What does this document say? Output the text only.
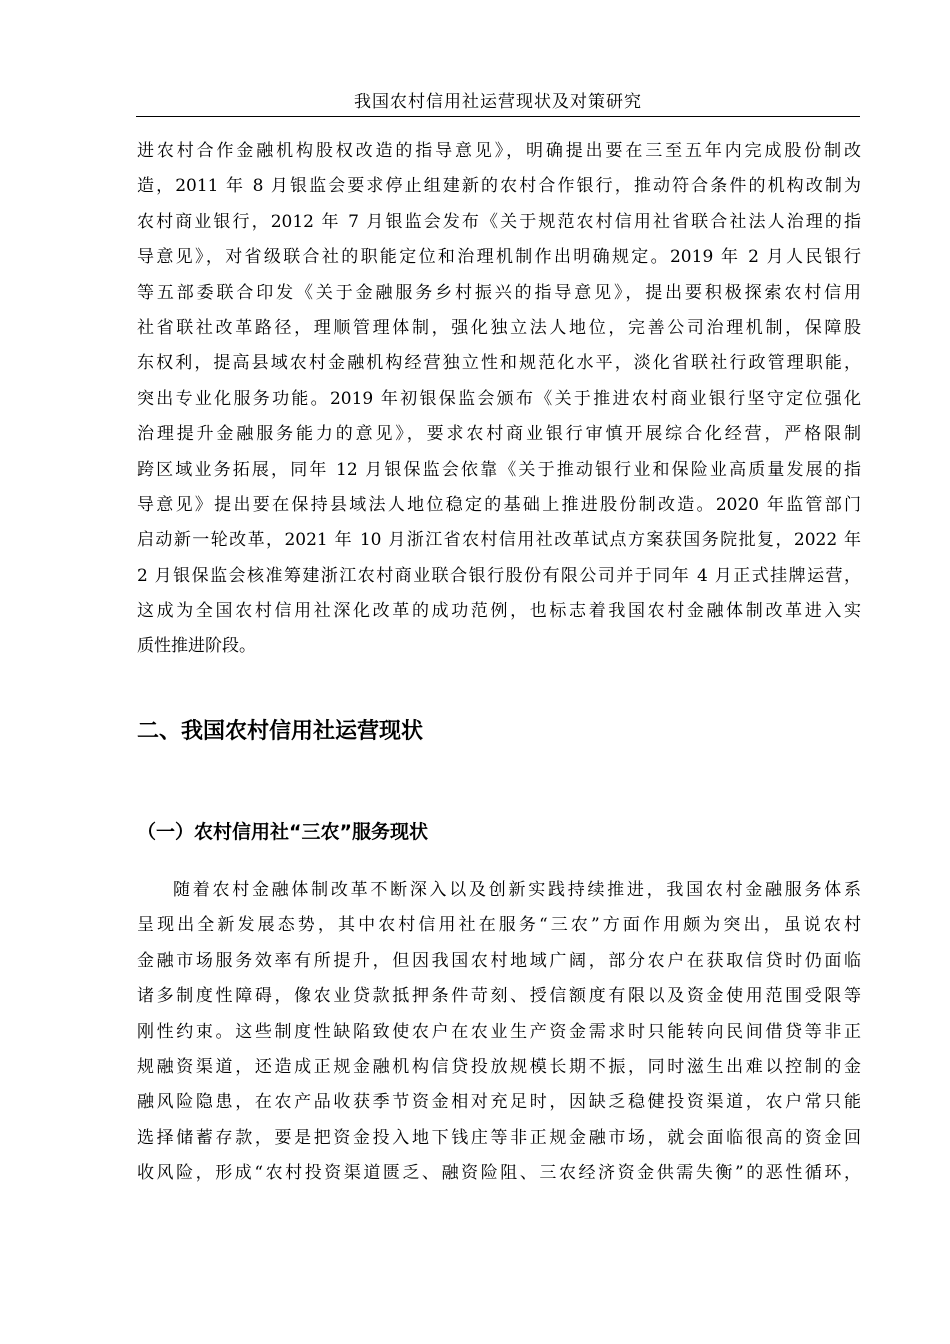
我国农村信用社运营现状及对策研究
进农村合作金融机构股权改造的指导意见》，明确提出要在三至五年内完成股份制改
造，2011 年 8 月银监会要求停止组建新的农村合作银行，推动符合条件的机构改制为
农村商业银行，2012 年 7 月银监会发布《关于规范农村信用社省联合社法人治理的指
导意见》，对省级联合社的职能定位和治理机制作出明确规定。2019 年 2 月人民银行
等五部委联合印发《关于金融服务乡村振兴的指导意见》，提出要积极探索农村信用
社省联社改革路径，理顺管理体制，强化独立法人地位，完善公司治理机制，保障股
东权利，提高县域农村金融机构经营独立性和规范化水平，淡化省联社行政管理职能，
突出专业化服务功能。2019 年初银保监会颁布《关于推进农村商业银行坚守定位强化
治理提升金融服务能力的意见》，要求农村商业银行审慎开展综合化经营，严格限制
跨区域业务拓展，同年 12 月银保监会依靠《关于推动银行业和保险业高质量发展的指
导意见》提出要在保持县域法人地位稳定的基础上推进股份制改造。2020 年监管部门
启动新一轮改革，2021 年 10 月浙江省农村信用社改革试点方案获国务院批复，2022 年
2 月银保监会核准筹建浙江农村商业联合银行股份有限公司并于同年 4 月正式挂牌运营，
这成为全国农村信用社深化改革的成功范例，也标志着我国农村金融体制改革进入实
质性推进阶段。
二、我国农村信用社运营现状
（一）农村信用社“三农”服务现状
随着农村金融体制改革不断深入以及创新实践持续推进，我国农村金融服务体系
呈现出全新发展态势，其中农村信用社在服务“三农”方面作用颇为突出，虽说农村
金融市场服务效率有所提升，但因我国农村地域广阔，部分农户在获取信贷时仍面临
诸多制度性障碍，像农业贷款抵押条件苛刻、授信额度有限以及资金使用范围受限等
刚性约束。这些制度性缺陷致使农户在农业生产资金需求时只能转向民间借贷等非正
规融资渠道，还造成正规金融机构信贷投放规模长期不振，同时滋生出难以控制的金
融风险隐患，在农产品收获季节资金相对充足时，因缺乏稳健投资渠道，农户常只能
选择储蓄存款，要是把资金投入地下钱庄等非正规金融市场，就会面临很高的资金回
收风险，形成“农村投资渠道匮乏、融资险阻、三农经济资金供需失衡”的恶性循环，
